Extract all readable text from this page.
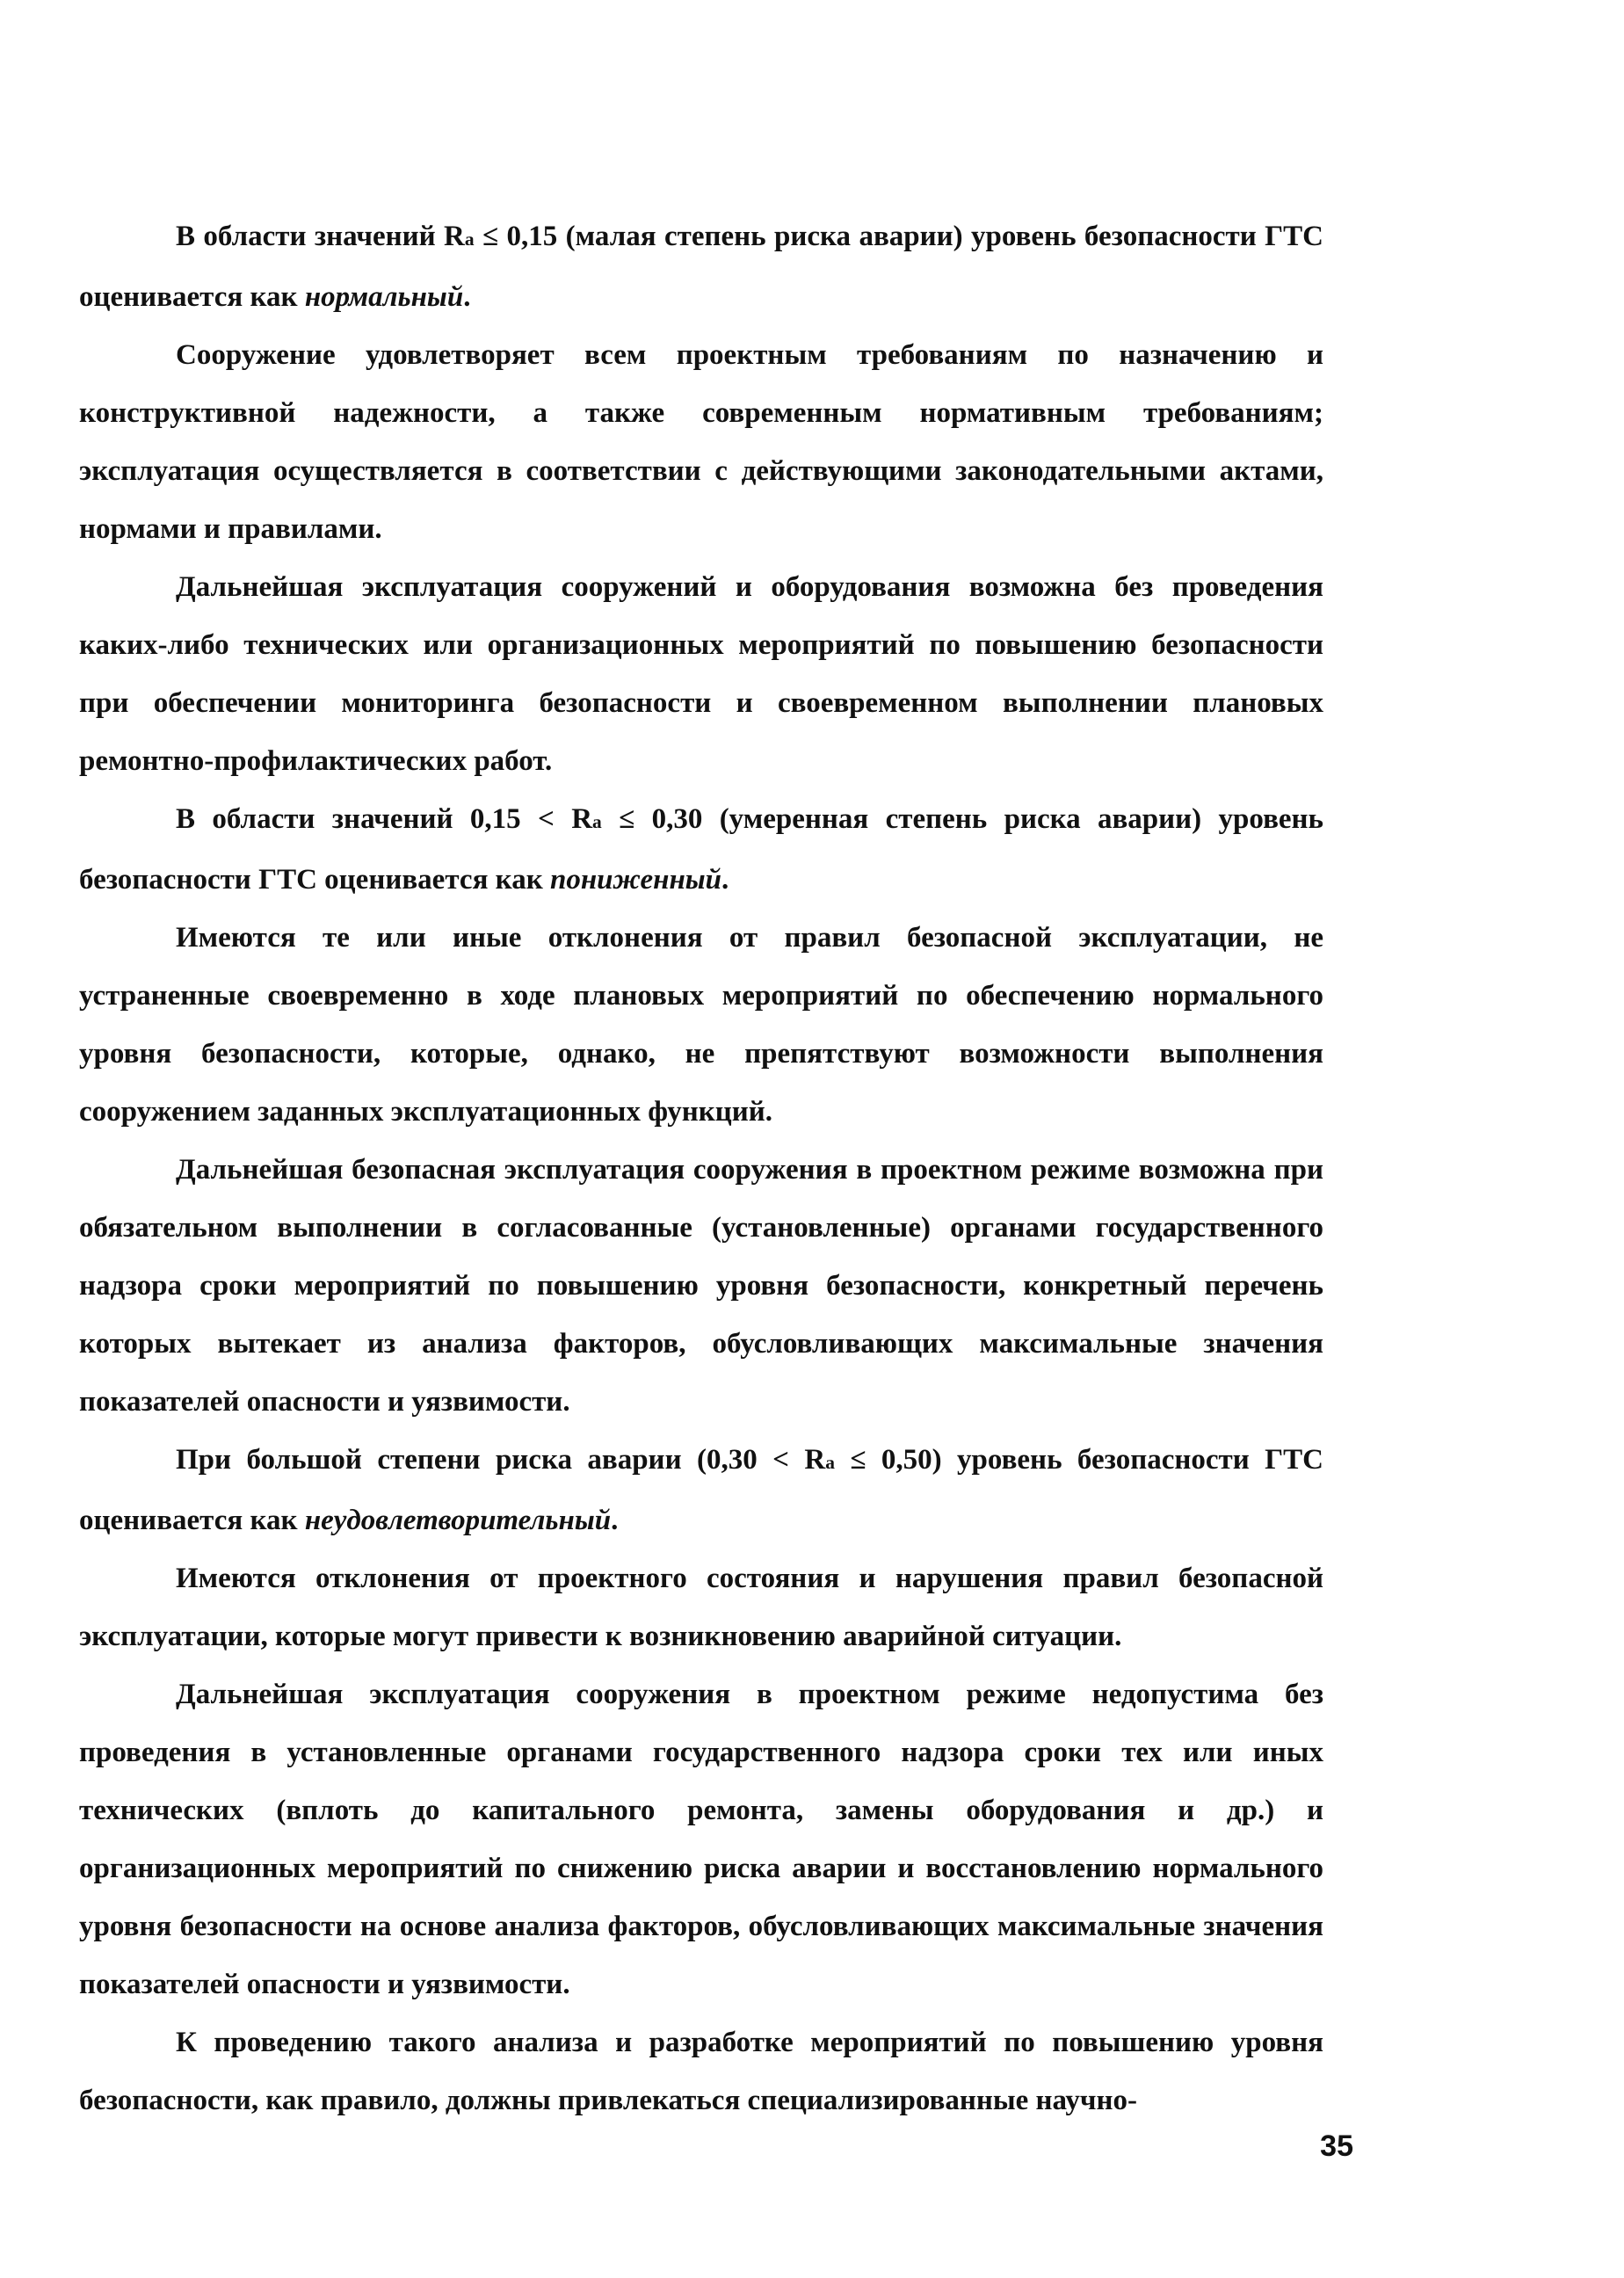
В области значений Ra ≤ 0,15 (малая степень риска аварии) уровень безопасности ГТС оценивается как нормальный.

Сооружение удовлетворяет всем проектным требованиям по назначению и конструктивной надежности, а также современным нормативным требованиям; эксплуатация осуществляется в соответствии с действующими законодательными актами, нормами и правилами.

Дальнейшая эксплуатация сооружений и оборудования возможна без проведения каких-либо технических или организационных мероприятий по повышению безопасности при обеспечении мониторинга безопасности и своевременном выполнении плановых ремонтно-профилактических работ.

В области значений 0,15 < Ra ≤ 0,30 (умеренная степень риска аварии) уровень безопасности ГТС оценивается как пониженный.

Имеются те или иные отклонения от правил безопасной эксплуатации, не устраненные своевременно в ходе плановых мероприятий по обеспечению нормального уровня безопасности, которые, однако, не препятствуют возможности выполнения сооружением заданных эксплуатационных функций.

Дальнейшая безопасная эксплуатация сооружения в проектном режиме возможна при обязательном выполнении в согласованные (установленные) органами государственного надзора сроки мероприятий по повышению уровня безопасности, конкретный перечень которых вытекает из анализа факторов, обусловливающих максимальные значения показателей опасности и уязвимости.

При большой степени риска аварии (0,30 < Ra ≤ 0,50) уровень безопасности ГТС оценивается как неудовлетворительный.

Имеются отклонения от проектного состояния и нарушения правил безопасной эксплуатации, которые могут привести к возникновению аварийной ситуации.

Дальнейшая эксплуатация сооружения в проектном режиме недопустима без проведения в установленные органами государственного надзора сроки тех или иных технических (вплоть до капитального ремонта, замены оборудования и др.) и организационных мероприятий по снижению риска аварии и восстановлению нормального уровня безопасности на основе анализа факторов, обусловливающих максимальные значения показателей опасности и уязвимости.

К проведению такого анализа и разработке мероприятий по повышению уровня безопасности, как правило, должны привлекаться специализированные научно-

35
